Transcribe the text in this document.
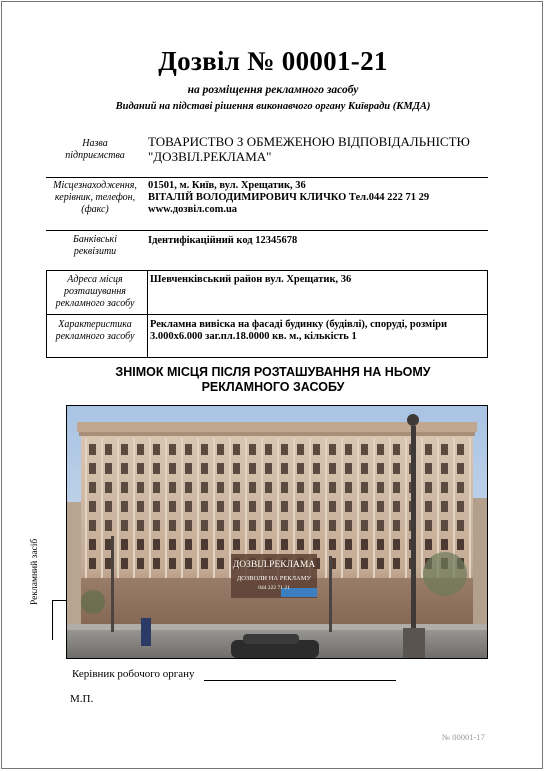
Дозвіл № 00001-21
на розміщення рекламного засобу
Виданий на підставі рішення виконавчого органу Київради (КМДА)
Назва
підприємства
ТОВАРИСТВО З ОБМЕЖЕНОЮ ВІДПОВІДАЛЬНІСТЮ
"ДОЗВІЛ.РЕКЛАМА"
Місцезнаходження,
керівник, телефон,
(факс)
01501, м. Київ, вул. Хрещатик, 36
ВІТАЛІЙ ВОЛОДИМИРОВИЧ КЛИЧКО Тел.044 222 71 29
www.дозвіл.com.ua
Банківські
реквізити
Ідентифікаційний код 12345678
Адреса місця
розташування
рекламного засобу
Шевченківський район вул. Хрещатик, 36
Характеристика
рекламного засобу
Рекламна вивіска на фасаді будинку (будівлі), споруді, розміри
3.000х6.000 заг.пл.18.0000 кв. м., кількість 1
ЗНІМОК МІСЦЯ ПІСЛЯ РОЗТАШУВАННЯ НА НЬОМУ
РЕКЛАМНОГО ЗАСОБУ
ДОЗВІЛ.РЕКЛАМА
ДОЗВОЛИ НА РЕКЛАМУ
044 222 71 21
Рекламний засіб
Керівник робочого органу
М.П.
№ 00001-17
